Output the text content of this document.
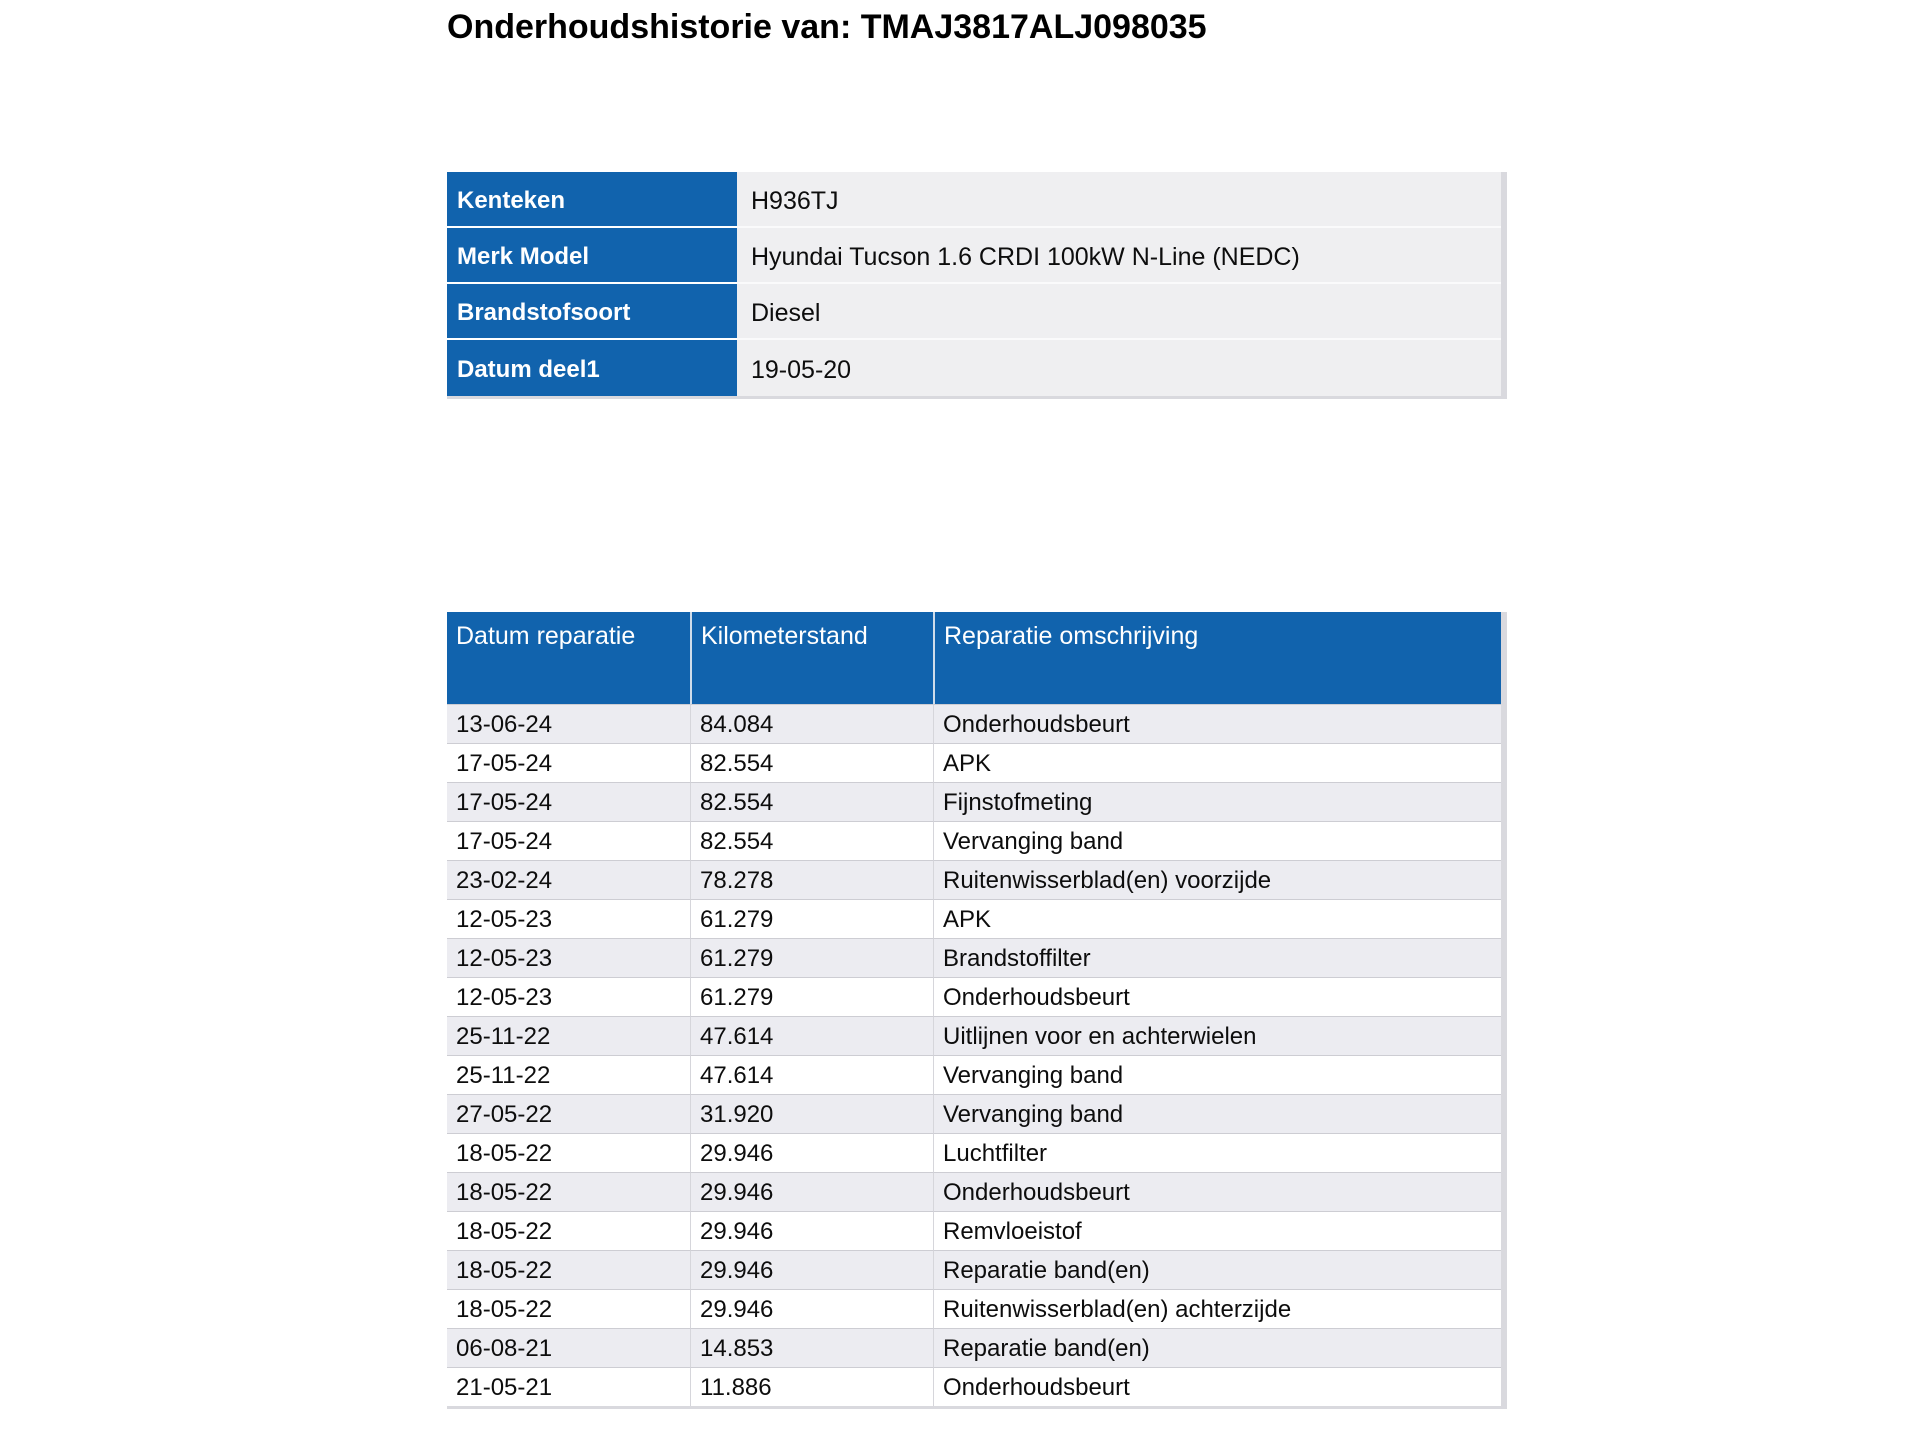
Onderhoudshistorie van: TMAJ3817ALJ098035
Kenteken	H936TJ
Merk Model	Hyundai Tucson 1.6 CRDI 100kW N-Line (NEDC)
Brandstofsoort	Diesel
Datum deel1	19-05-20
Datum reparatie	Kilometerstand	Reparatie omschrijving
13-06-24	84.084	Onderhoudsbeurt
17-05-24	82.554	APK
17-05-24	82.554	Fijnstofmeting
17-05-24	82.554	Vervanging band
23-02-24	78.278	Ruitenwisserblad(en) voorzijde
12-05-23	61.279	APK
12-05-23	61.279	Brandstoffilter
12-05-23	61.279	Onderhoudsbeurt
25-11-22	47.614	Uitlijnen voor en achterwielen
25-11-22	47.614	Vervanging band
27-05-22	31.920	Vervanging band
18-05-22	29.946	Luchtfilter
18-05-22	29.946	Onderhoudsbeurt
18-05-22	29.946	Remvloeistof
18-05-22	29.946	Reparatie band(en)
18-05-22	29.946	Ruitenwisserblad(en) achterzijde
06-08-21	14.853	Reparatie band(en)
21-05-21	11.886	Onderhoudsbeurt
